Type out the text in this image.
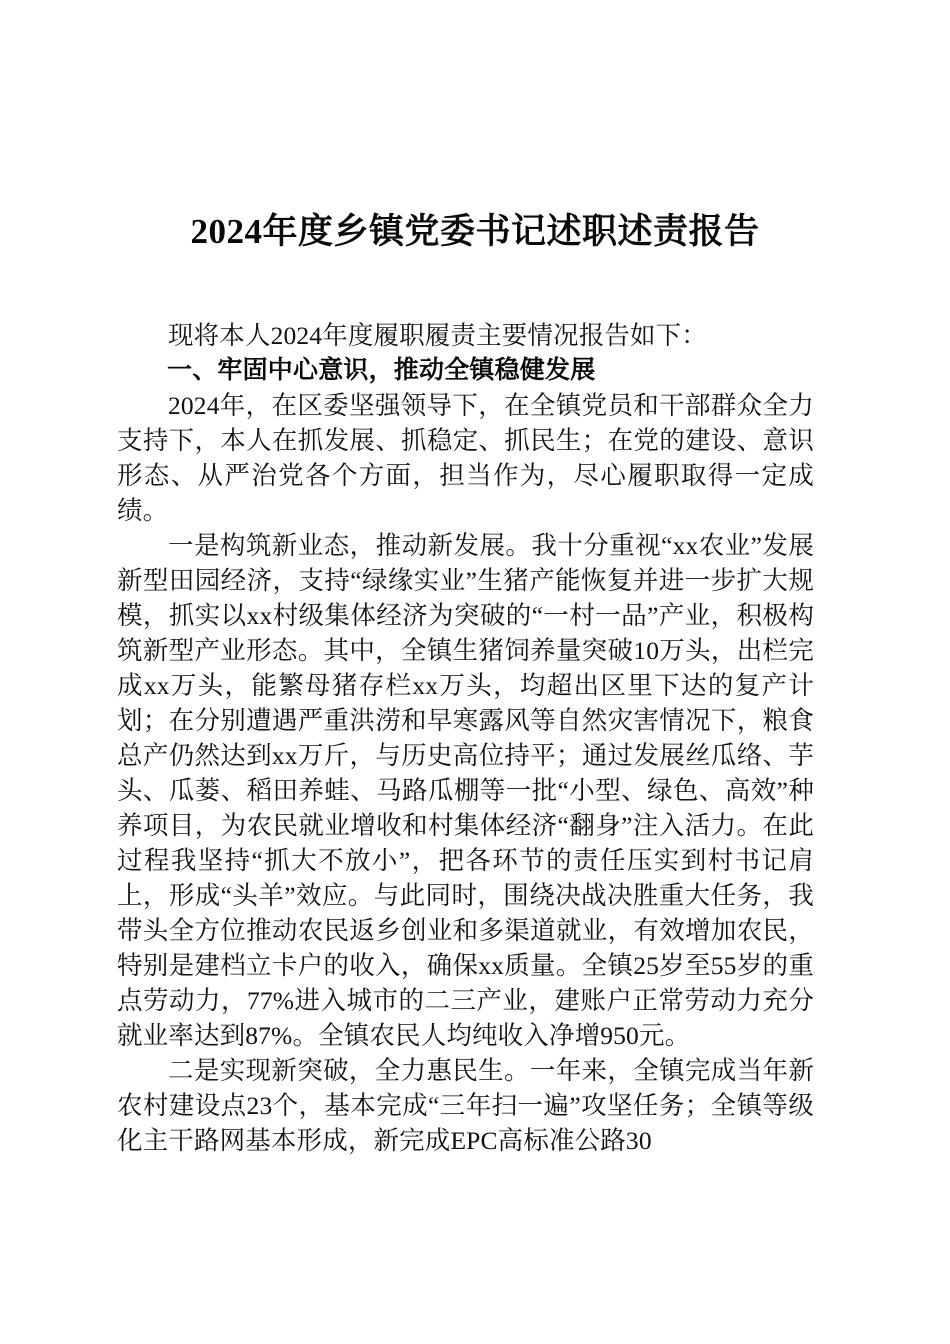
2024年度乡镇党委书记述职述责报告

现将本人2024年度履职履责主要情况报告如下：

一、牢固中心意识，推动全镇稳健发展

2024年，在区委坚强领导下，在全镇党员和干部群众全力支持下，本人在抓发展、抓稳定、抓民生；在党的建设、意识形态、从严治党各个方面，担当作为，尽心履职取得一定成绩。

一是构筑新业态，推动新发展。我十分重视“xx农业”发展新型田园经济，支持“绿缘实业”生猪产能恢复并进一步扩大规模，抓实以xx村级集体经济为突破的“一村一品”产业，积极构筑新型产业形态。其中，全镇生猪饲养量突破10万头，出栏完成xx万头，能繁母猪存栏xx万头，均超出区里下达的复产计划；在分别遭遇严重洪涝和早寒露风等自然灾害情况下，粮食总产仍然达到xx万斤，与历史高位持平；通过发展丝瓜络、芋头、瓜蒌、稻田养蛙、马路瓜棚等一批“小型、绿色、高效”种养项目，为农民就业增收和村集体经济“翻身”注入活力。在此过程我坚持“抓大不放小”，把各环节的责任压实到村书记肩上，形成“头羊”效应。与此同时，围绕决战决胜重大任务，我带头全方位推动农民返乡创业和多渠道就业，有效增加农民，特别是建档立卡户的收入，确保xx质量。全镇25岁至55岁的重点劳动力，77%进入城市的二三产业，建账户正常劳动力充分就业率达到87%。全镇农民人均纯收入净增950元。

二是实现新突破，全力惠民生。一年来，全镇完成当年新农村建设点23个，基本完成“三年扫一遍”攻坚任务；全镇等级化主干路网基本形成，新完成EPC高标准公路30
